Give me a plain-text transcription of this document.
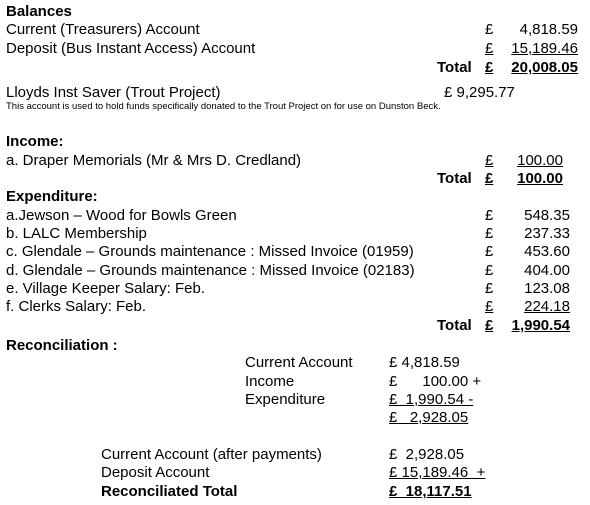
Balances
Current (Treasurers) Account	£ 4,818.59
Deposit (Bus Instant Access) Account	£	15,189.46
Total £	20,008.05
Lloyds Inst Saver (Trout Project)	£ 9,295.77
This account is used to hold funds specifically donated to the Trout Project on for use on Dunston Beck.
Income:
a. Draper Memorials (Mr & Mrs D. Credland)	£	100.00
Total £	100.00
Expenditure:
a.Jewson – Wood for Bowls Green	£ 548.35
b. LALC Membership	£ 237.33
c. Glendale – Grounds maintenance : Missed Invoice (01959)	£ 453.60
d. Glendale – Grounds maintenance : Missed Invoice (02183)	£ 404.00
e. Village Keeper Salary: Feb.	£ 123.08
f. Clerks Salary: Feb.	£	224.18
Total £	1,990.54
Reconciliation :
Current Account £ 4,818.59
Income	£      100.00 +
Expenditure	£  1,990.54 -
£   2,928.05
Current Account (after payments)	£  2,928.05
Deposit Account	£ 15,189.46  +
Reconciliated Total	£  18,117.51
